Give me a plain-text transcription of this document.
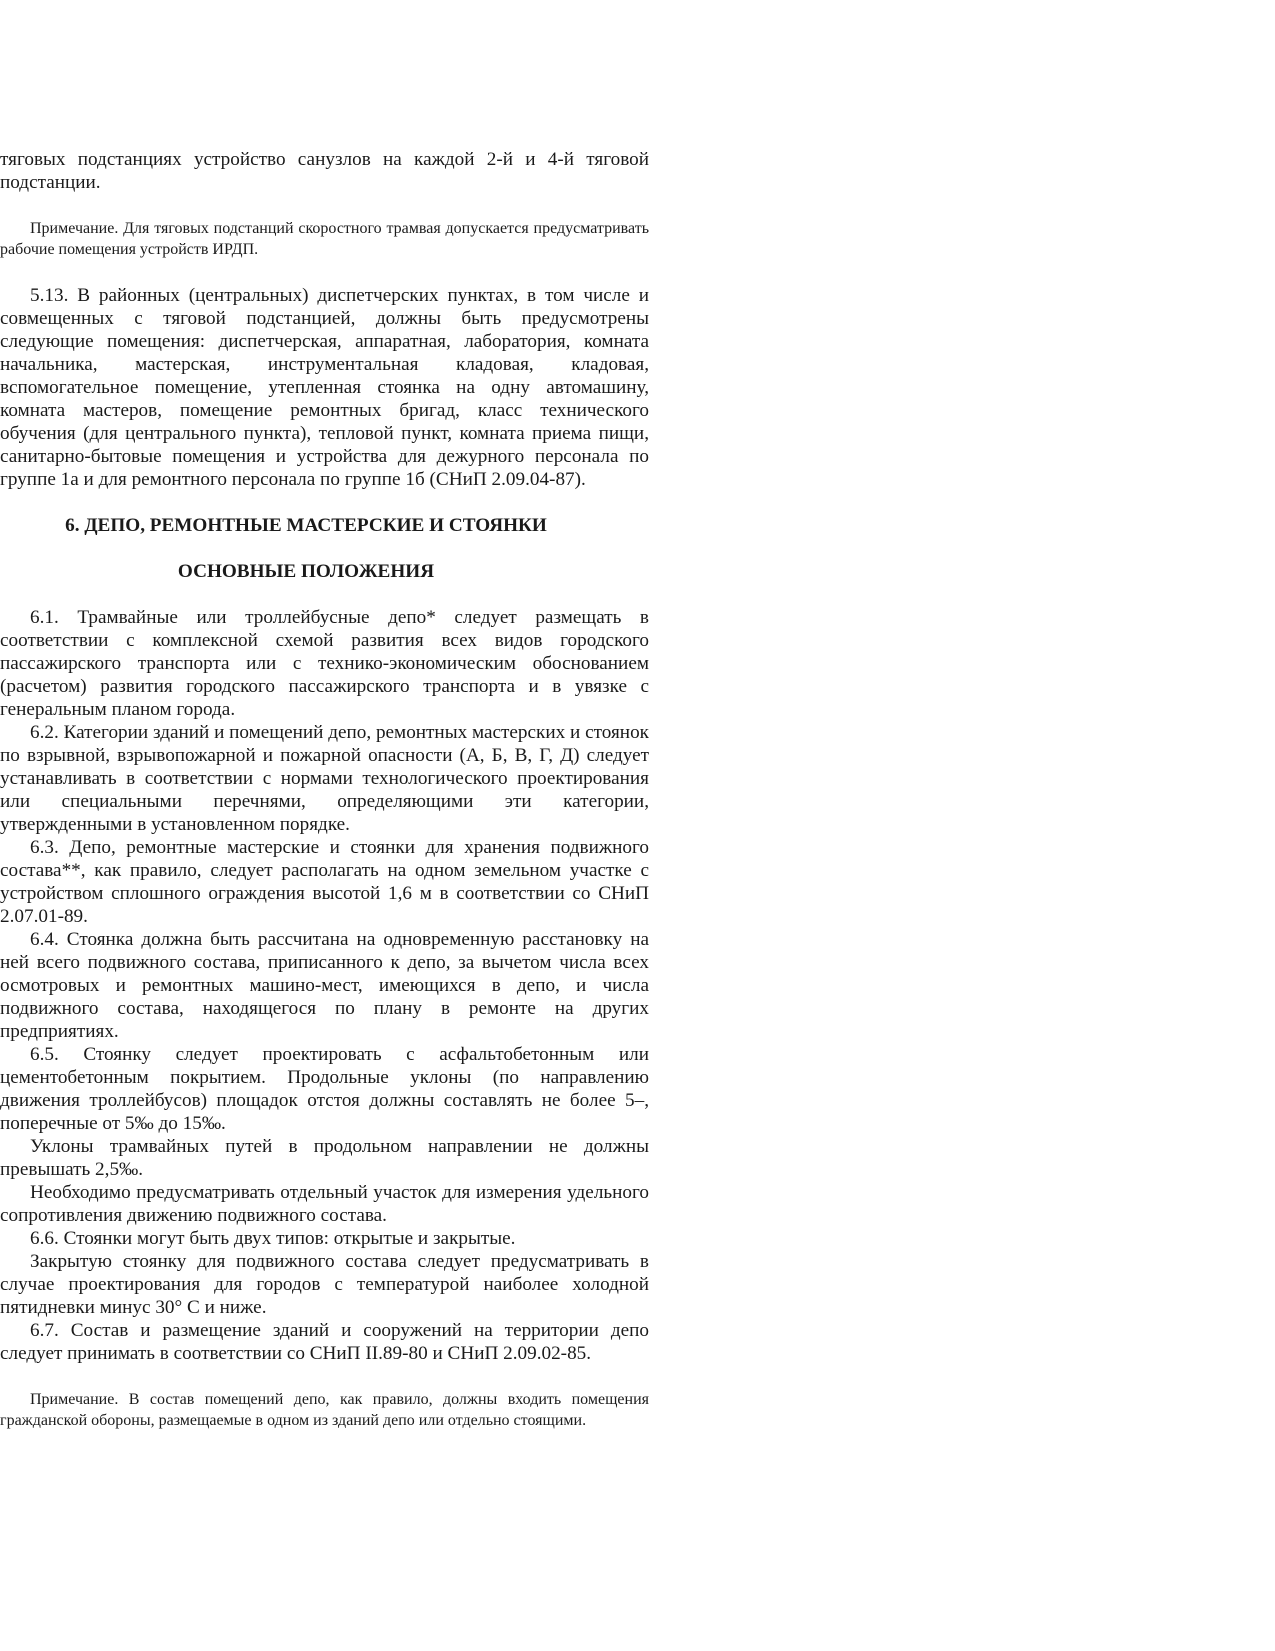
тяговых подстанциях устройство санузлов на каждой 2-й и 4-й тяговой подстанции.

Примечание. Для тяговых подстанций скоростного трамвая допускается предусматривать рабочие помещения устройств ИРДП.

5.13. В районных (центральных) диспетчерских пунктах, в том числе и совмещенных с тяговой подстанцией, должны быть предусмотрены следующие помещения: диспетчерская, аппаратная, лаборатория, комната начальника, мастерская, инструментальная кладовая, кладовая, вспомогательное помещение, утепленная стоянка на одну автомашину, комната мастеров, помещение ремонтных бригад, класс технического обучения (для центрального пункта), тепловой пункт, комната приема пищи, санитарно-бытовые помещения и устройства для дежурного персонала по группе 1а и для ремонтного персонала по группе 1б (СНиП 2.09.04-87).

6. ДЕПО, РЕМОНТНЫЕ МАСТЕРСКИЕ И СТОЯНКИ

ОСНОВНЫЕ ПОЛОЖЕНИЯ

6.1. Трамвайные или троллейбусные депо* следует размещать в соответствии с комплексной схемой развития всех видов городского пассажирского транспорта или с технико-экономическим обоснованием (расчетом) развития городского пассажирского транспорта и в увязке с генеральным планом города.

6.2. Категории зданий и помещений депо, ремонтных мастерских и стоянок по взрывной, взрывопожарной и пожарной опасности (А, Б, В, Г, Д) следует устанавливать в соответствии с нормами технологического проектирования или специальными перечнями, определяющими эти категории, утвержденными в установленном порядке.

6.3. Депо, ремонтные мастерские и стоянки для хранения подвижного состава**, как правило, следует располагать на одном земельном участке с устройством сплошного ограждения высотой 1,6 м в соответствии со СНиП 2.07.01-89.

6.4. Стоянка должна быть рассчитана на одновременную расстановку на ней всего подвижного состава, приписанного к депо, за вычетом числа всех осмотровых и ремонтных машино-мест, имеющихся в депо, и числа подвижного состава, находящегося по плану в ремонте на других предприятиях.

6.5. Стоянку следует проектировать с асфальтобетонным или цементобетонным покрытием. Продольные уклоны (по направлению движения троллейбусов) площадок отстоя должны составлять не более 5‒, поперечные от 5‰ до 15‰.

Уклоны трамвайных путей в продольном направлении не должны превышать 2,5‰.

Необходимо предусматривать отдельный участок для измерения удельного сопротивления движению подвижного состава.

6.6. Стоянки могут быть двух типов: открытые и закрытые.

Закрытую стоянку для подвижного состава следует предусматривать в случае проектирования для городов с температурой наиболее холодной пятидневки минус 30° С и ниже.

6.7. Состав и размещение зданий и сооружений на территории депо следует принимать в соответствии со СНиП II.89-80 и СНиП 2.09.02-85.

Примечание. В состав помещений депо, как правило, должны входить помещения гражданской обороны, размещаемые в одном из зданий депо или отдельно стоящими.
